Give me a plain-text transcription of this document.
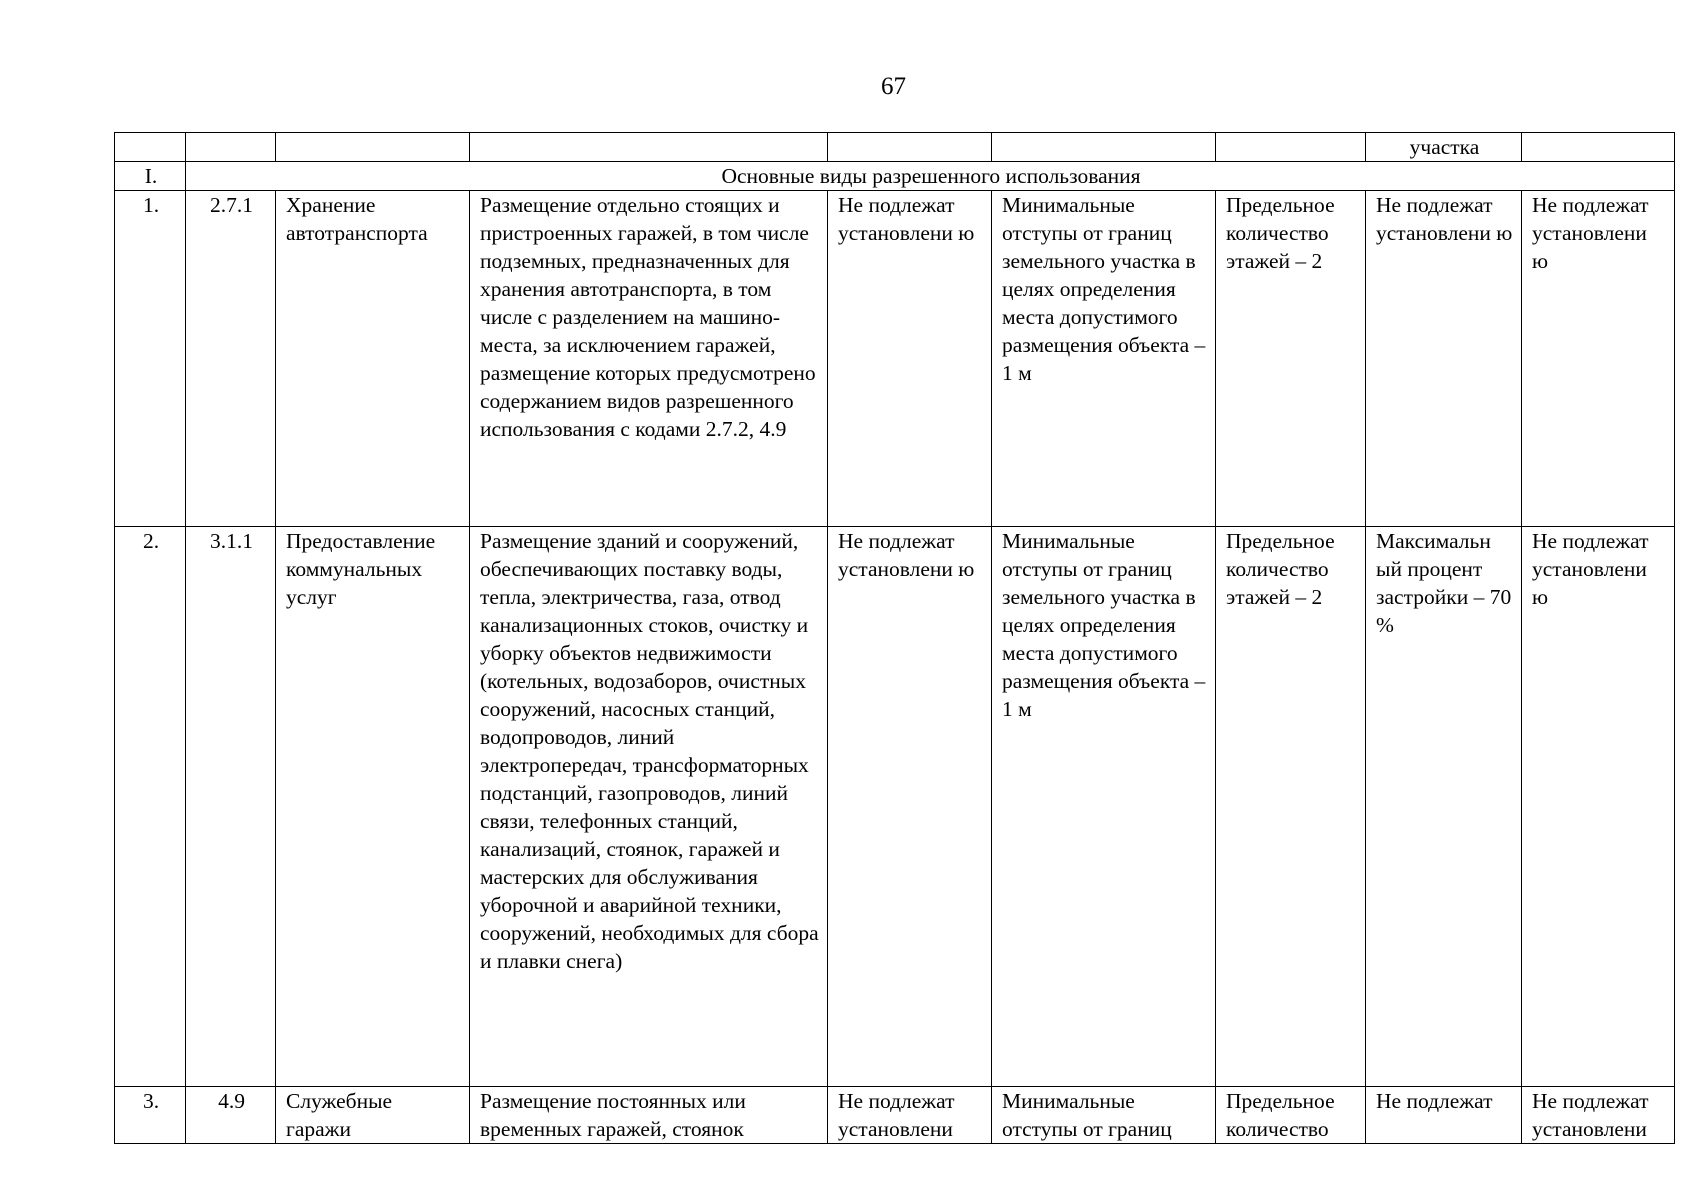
67
							участка	
I.	Основные виды разрешенного использования							
1.	2.7.1	Хранение автотранспорта	Размещение отдельно стоящих и пристроенных гаражей, в том числе подземных, предназначенных для хранения автотранспорта, в том числе с разделением на машино-места, за исключением гаражей, размещение которых предусмотрено содержанием видов разрешенного использования с кодами 2.7.2, 4.9	Не подлежат установлени ю	Минимальные отступы от границ земельного участка в целях определения места допустимого размещения объекта – 1 м	Предельное количество этажей – 2	Не подлежат установлени ю	Не подлежат установлени ю
2.	3.1.1	Предоставление коммунальных услуг	Размещение зданий и сооружений, обеспечивающих поставку воды, тепла, электричества, газа, отвод канализационных стоков, очистку и уборку объектов недвижимости (котельных, водозаборов, очистных сооружений, насосных станций, водопроводов, линий электропередач, трансформаторных подстанций, газопроводов, линий связи, телефонных станций, канализаций, стоянок, гаражей и мастерских для обслуживания уборочной и аварийной техники, сооружений, необходимых для сбора и плавки снега)	Не подлежат установлени ю	Минимальные отступы от границ земельного участка в целях определения места допустимого размещения объекта – 1 м	Предельное количество этажей – 2	Максимальн ый процент застройки – 70 %	Не подлежат установлени ю
3.	4.9	Служебные гаражи	Размещение постоянных или временных гаражей, стоянок	Не подлежат установлени	Минимальные отступы от границ	Предельное количество	Не подлежат	Не подлежат установлени
